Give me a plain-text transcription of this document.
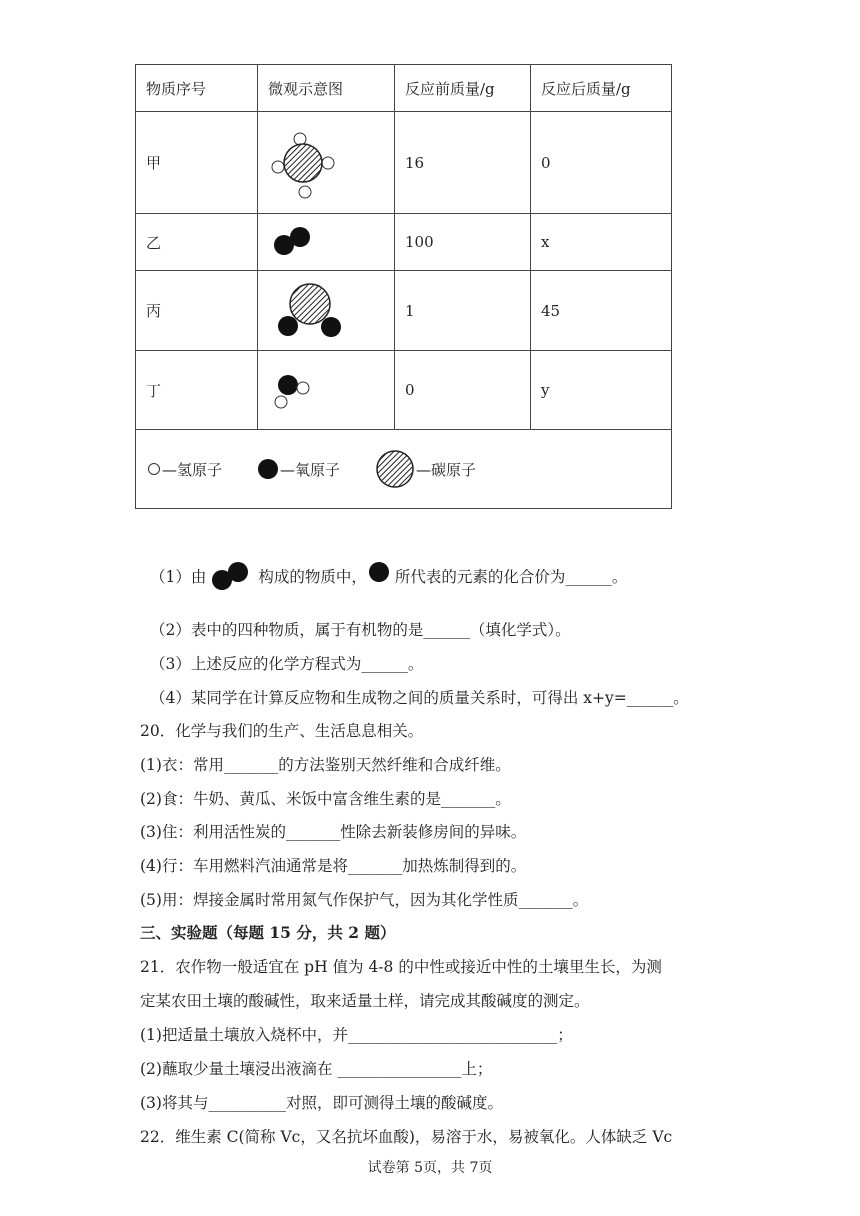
物质序号	微观示意图	反应前质量/g	反应后质量/g
甲		16	0
乙		100	x
丙		1	45
丁		0	y

—氢原子 —氧原子 —碳原子			
（1）由	构成的物质中， 所代表的元素的化合价为______。
（2）表中的四种物质，属于有机物的是______（填化学式）。
（3）上述反应的化学方程式为______。
（4）某同学在计算反应物和生成物之间的质量关系时，可得出 x+y=______。
20．化学与我们的生产、生活息息相关。
(1)衣：常用_______的方法鉴别天然纤维和合成纤维。
(2)食：牛奶、黄瓜、米饭中富含维生素的是_______。
(3)住：利用活性炭的_______性除去新装修房间的异味。
(4)行：车用燃料汽油通常是将_______加热炼制得到的。
(5)用：焊接金属时常用氮气作保护气，因为其化学性质_______。
三、实验题（每题 15 分，共 2 题）
21．农作物一般适宜在 pH 值为 4-8 的中性或接近中性的土壤里生长，为测
定某农田土壤的酸碱性，取来适量土样，请完成其酸碱度的测定。
(1)把适量土壤放入烧杯中，并___________________________；
(2)蘸取少量土壤浸出液滴在 ________________上；
(3)将其与__________对照，即可测得土壤的酸碱度。
22．维生素 C(简称 Vc，又名抗坏血酸)，易溶于水，易被氧化。人体缺乏 Vc
试卷第 5页，共 7页
